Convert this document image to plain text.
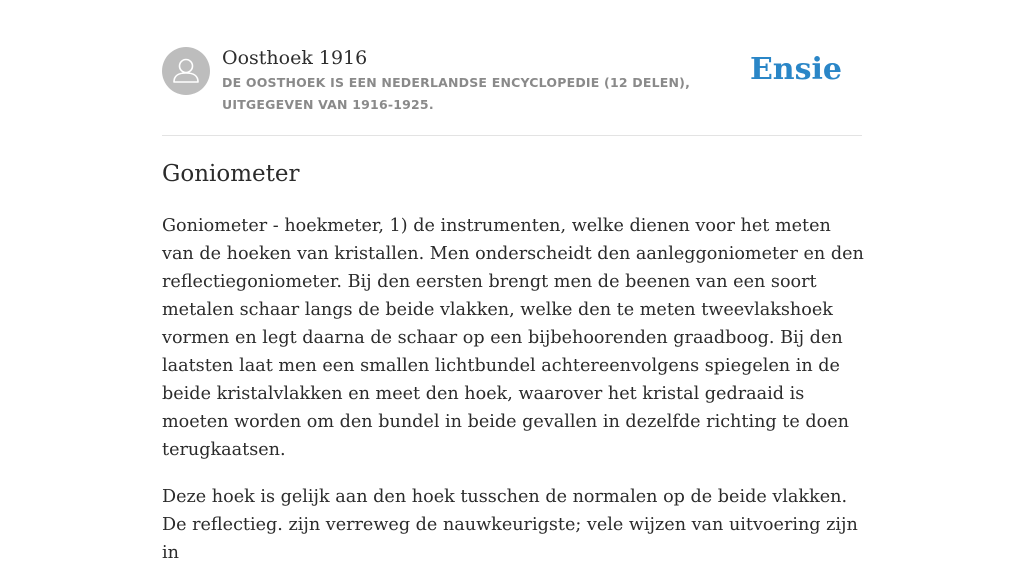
Oosthoek 1916
DE OOSTHOEK IS EEN NEDERLANDSE ENCYCLOPEDIE (12 DELEN), UITGEGEVEN VAN 1916-1925.
Ensie
Goniometer

Goniometer - hoekmeter, 1) de instrumenten, welke dienen voor het meten van de hoeken van kristallen. Men onderscheidt den aanleggoniometer en den reflectiegoniometer. Bij den eersten brengt men de beenen van een soort metalen schaar langs de beide vlakken, welke den te meten tweevlakshoek vormen en legt daarna de schaar op een bijbehoorenden graadboog. Bij den laatsten laat men een smallen lichtbundel achtereenvolgens spiegelen in de beide kristalvlakken en meet den hoek, waarover het kristal gedraaid is moeten worden om den bundel in beide gevallen in dezelfde richting te doen terugkaatsen.

Deze hoek is gelijk aan den hoek tusschen de normalen op de beide vlakken. De reflectieg. zijn verreweg de nauwkeurigste; vele wijzen van uitvoering zijn in
